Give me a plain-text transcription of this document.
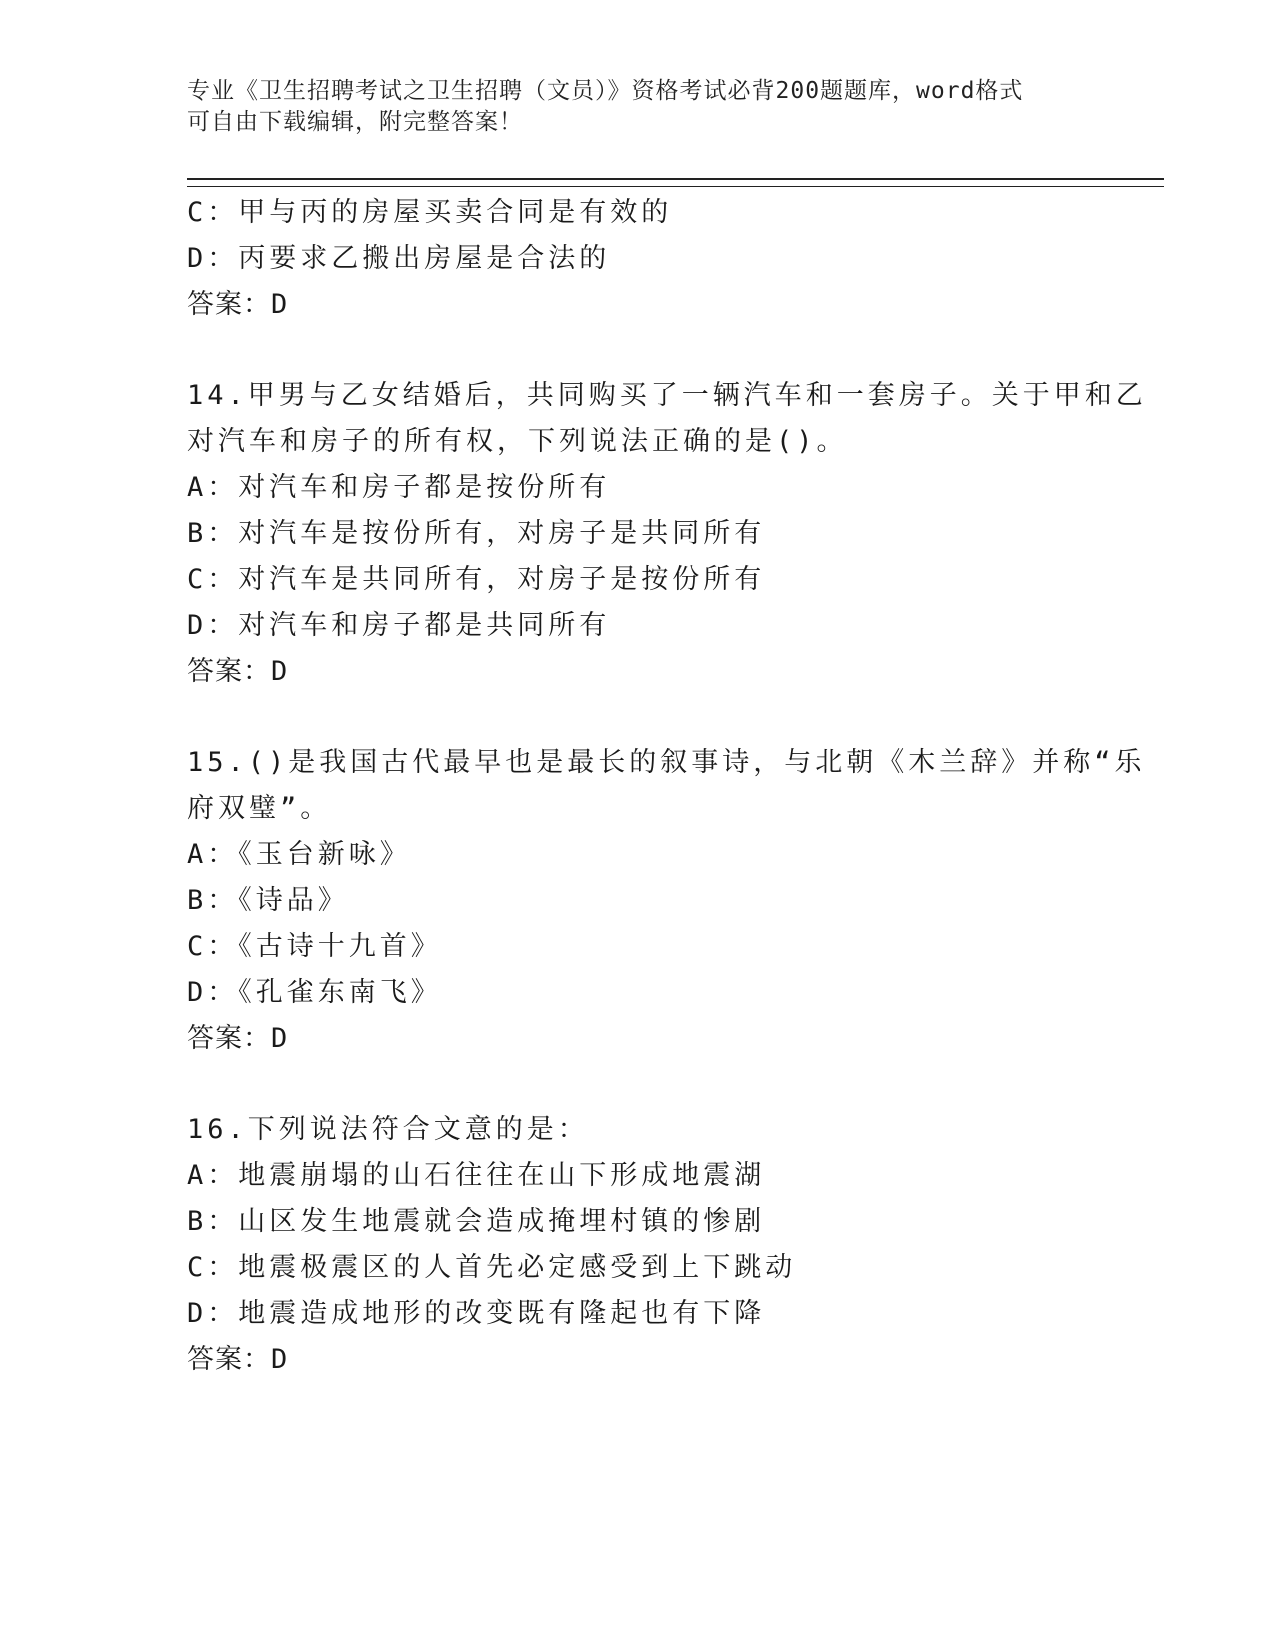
专业《卫生招聘考试之卫生招聘（文员）》资格考试必背200题题库，word格式
可自由下载编辑，附完整答案！
C：甲与丙的房屋买卖合同是有效的
D：丙要求乙搬出房屋是合法的
答案：D
14.甲男与乙女结婚后，共同购买了一辆汽车和一套房子。关于甲和乙
对汽车和房子的所有权，下列说法正确的是()。
A：对汽车和房子都是按份所有
B：对汽车是按份所有，对房子是共同所有
C：对汽车是共同所有，对房子是按份所有
D：对汽车和房子都是共同所有
答案：D
15.()是我国古代最早也是最长的叙事诗，与北朝《木兰辞》并称“乐
府双璧”。
A：《玉台新咏》
B：《诗品》
C：《古诗十九首》
D：《孔雀东南飞》
答案：D
16.下列说法符合文意的是：
A：地震崩塌的山石往往在山下形成地震湖
B：山区发生地震就会造成掩埋村镇的惨剧
C：地震极震区的人首先必定感受到上下跳动
D：地震造成地形的改变既有隆起也有下降
答案：D
